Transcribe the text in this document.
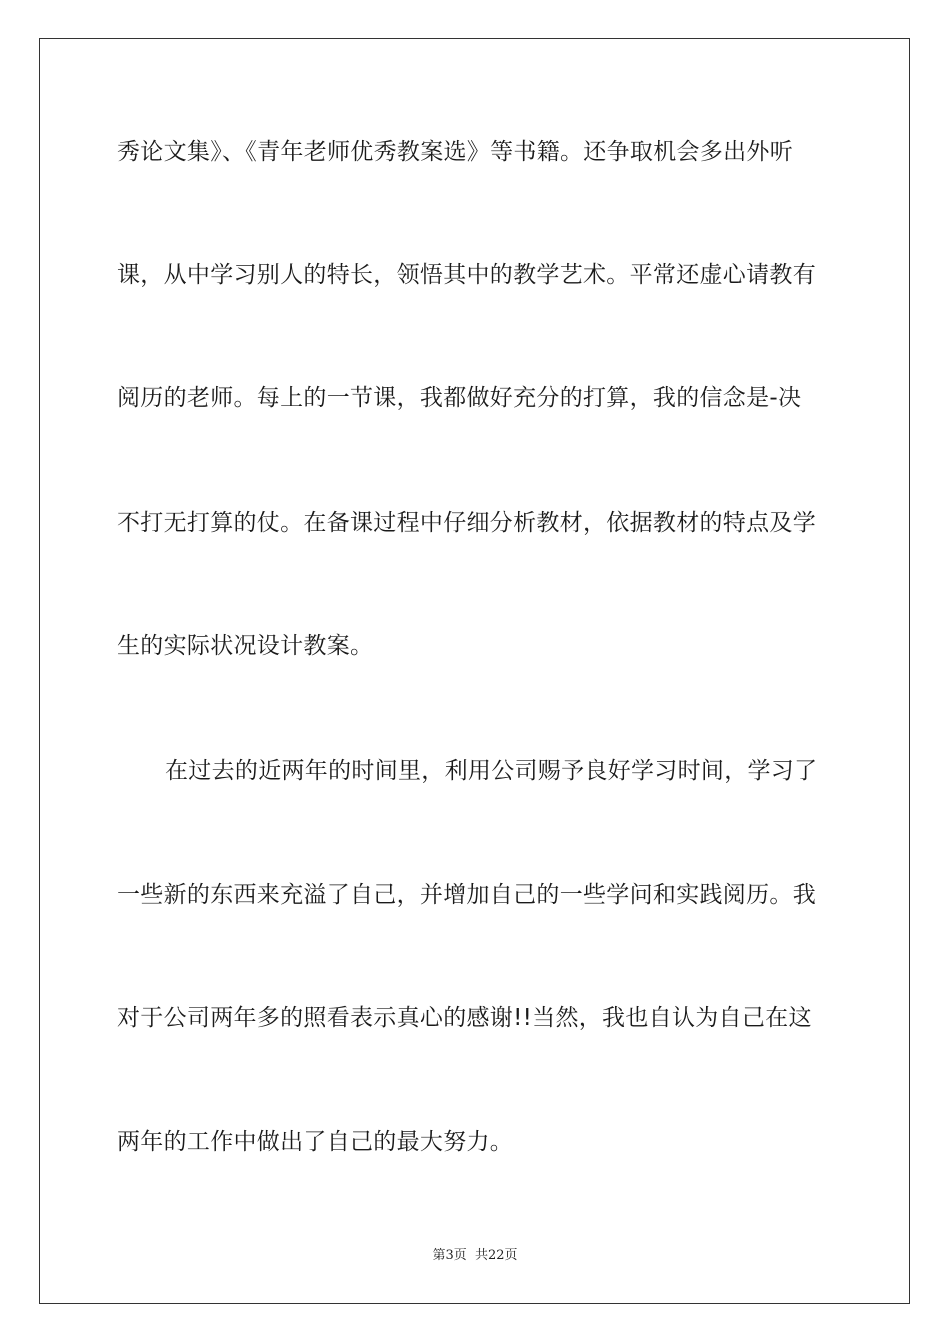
秀论文集》、《青年老师优秀教案选》等书籍。还争取机会多出外听
课，从中学习别人的特长，领悟其中的教学艺术。平常还虚心请教有
阅历的老师。每上的一节课，我都做好充分的打算，我的信念是-决
不打无打算的仗。在备课过程中仔细分析教材，依据教材的特点及学
生的实际状况设计教案。
在过去的近两年的时间里，利用公司赐予良好学习时间，学习了
一些新的东西来充溢了自己，并增加自己的一些学问和实践阅历。我
对于公司两年多的照看表示真心的感谢!!当然，我也自认为自己在这
两年的工作中做出了自己的最大努力。
第3页 共22页
